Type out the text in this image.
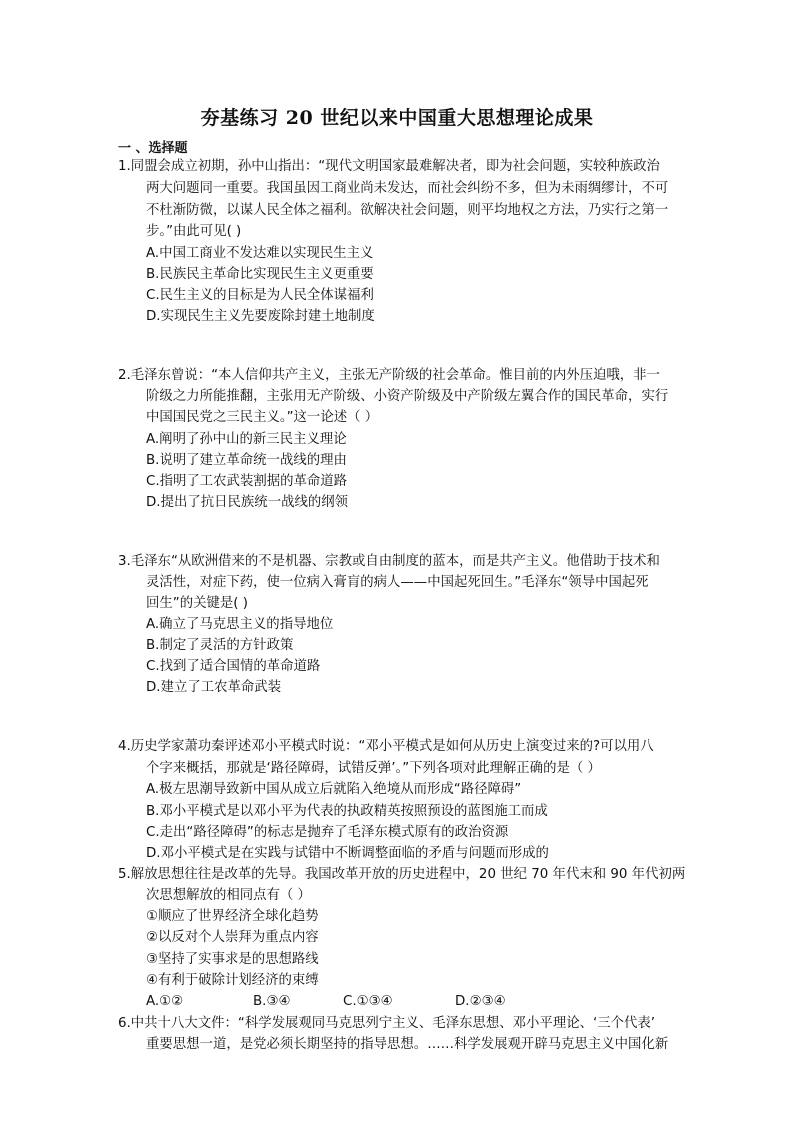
夯基练习 20 世纪以来中国重大思想理论成果
一 、选择题
1.同盟会成立初期，孙中山指出：“现代文明国家最难解决者，即为社会问题，实较种族政治
两大问题同一重要。我国虽因工商业尚未发达，而社会纠纷不多，但为未雨绸缪计，不可
不杜渐防微，以谋人民全体之福利。欲解决社会问题，则平均地权之方法，乃实行之第一
步。”由此可见( )
A.中国工商业不发达难以实现民生主义
B.民族民主革命比实现民生主义更重要
C.民生主义的目标是为人民全体谋福利
D.实现民生主义先要废除封建土地制度
2.毛泽东曾说：“本人信仰共产主义，主张无产阶级的社会革命。惟目前的内外压迫哦，非一
阶级之力所能推翻，主张用无产阶级、小资产阶级及中产阶级左翼合作的国民革命，实行
中国国民党之三民主义。”这一论述（ ）
A.阐明了孙中山的新三民主义理论
B.说明了建立革命统一战线的理由
C.指明了工农武装割据的革命道路
D.提出了抗日民族统一战线的纲领
3.毛泽东“从欧洲借来的不是机器、宗教或自由制度的蓝本，而是共产主义。他借助于技术和
灵活性，对症下药，使一位病入膏肓的病人——中国起死回生。”毛泽东“领导中国起死
回生”的关键是( )
A.确立了马克思主义的指导地位
B.制定了灵活的方针政策
C.找到了适合国情的革命道路
D.建立了工农革命武装
4.历史学家萧功秦评述邓小平模式时说：“邓小平模式是如何从历史上演变过来的?可以用八
个字来概括，那就是‘路径障碍，试错反弹’。”下列各项对此理解正确的是（ ）
A.极左思潮导致新中国从成立后就陷入绝境从而形成“路径障碍”
B.邓小平模式是以邓小平为代表的执政精英按照预设的蓝图施工而成
C.走出“路径障碍”的标志是抛弃了毛泽东模式原有的政治资源
D.邓小平模式是在实践与试错中不断调整面临的矛盾与问题而形成的
5.解放思想往往是改革的先导。我国改革开放的历史进程中，20 世纪 70 年代末和 90 年代初两
次思想解放的相同点有（ ）
①顺应了世界经济全球化趋势
②以反对个人崇拜为重点内容
③坚持了实事求是的思想路线
④有利于破除计划经济的束缚
A.①②	B.③④	C.①③④	D.②③④
6.中共十八大文件：“科学发展观同马克思列宁主义、毛泽东思想、邓小平理论、‘三个代表’
重要思想一道，是党必须长期坚持的指导思想。……科学发展观开辟马克思主义中国化新
